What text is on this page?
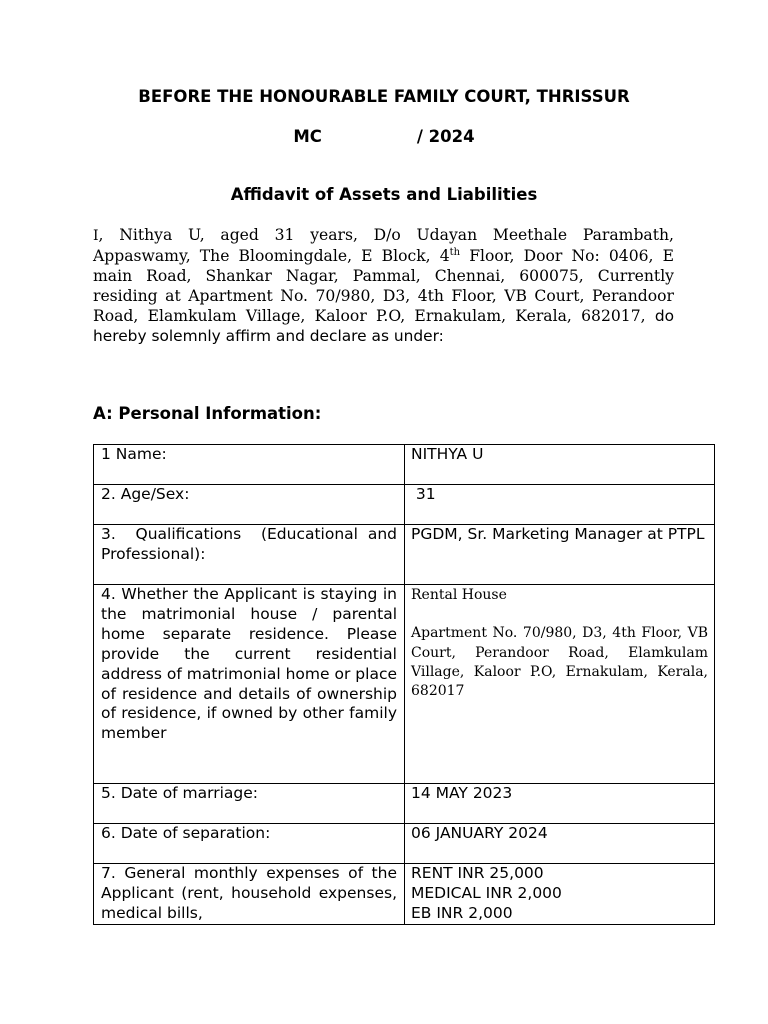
BEFORE THE HONOURABLE FAMILY COURT, THRISSUR
MC	/ 2024
Affidavit of Assets and Liabilities
I, Nithya U, aged 31 years, D/o Udayan Meethale Parambath, Appaswamy, The Bloomingdale, E Block, 4th Floor, Door No: 0406, E main Road, Shankar Nagar, Pammal, Chennai, 600075, Currently residing at Apartment No. 70/980, D3, 4th Floor, VB Court, Perandoor Road, Elamkulam Village, Kaloor P.O, Ernakulam, Kerala, 682017, do hereby solemnly affirm and declare as under:
A: Personal Information:
1 Name:	NITHYA U

2. Age/Sex:	31

3.  Qualifications  (Educational and Professional):	PGDM, Sr. Marketing Manager at PTPL

4. Whether the Applicant is staying in the matrimonial house / parental home separate residence. Please provide the current residential address of matrimonial home or place of residence and details of ownership of residence, if owned by other family member	Rental House
Apartment No. 70/980, D3, 4th Floor, VB Court, Perandoor Road, Elamkulam Village, Kaloor P.O, Ernakulam, Kerala, 682017

5. Date of marriage:	14 MAY 2023

6. Date of separation:	06 JANUARY 2024

7. General monthly expenses of the Applicant (rent, household expenses, medical bills,	RENT INR 25,000
MEDICAL INR 2,000
EB INR 2,000
